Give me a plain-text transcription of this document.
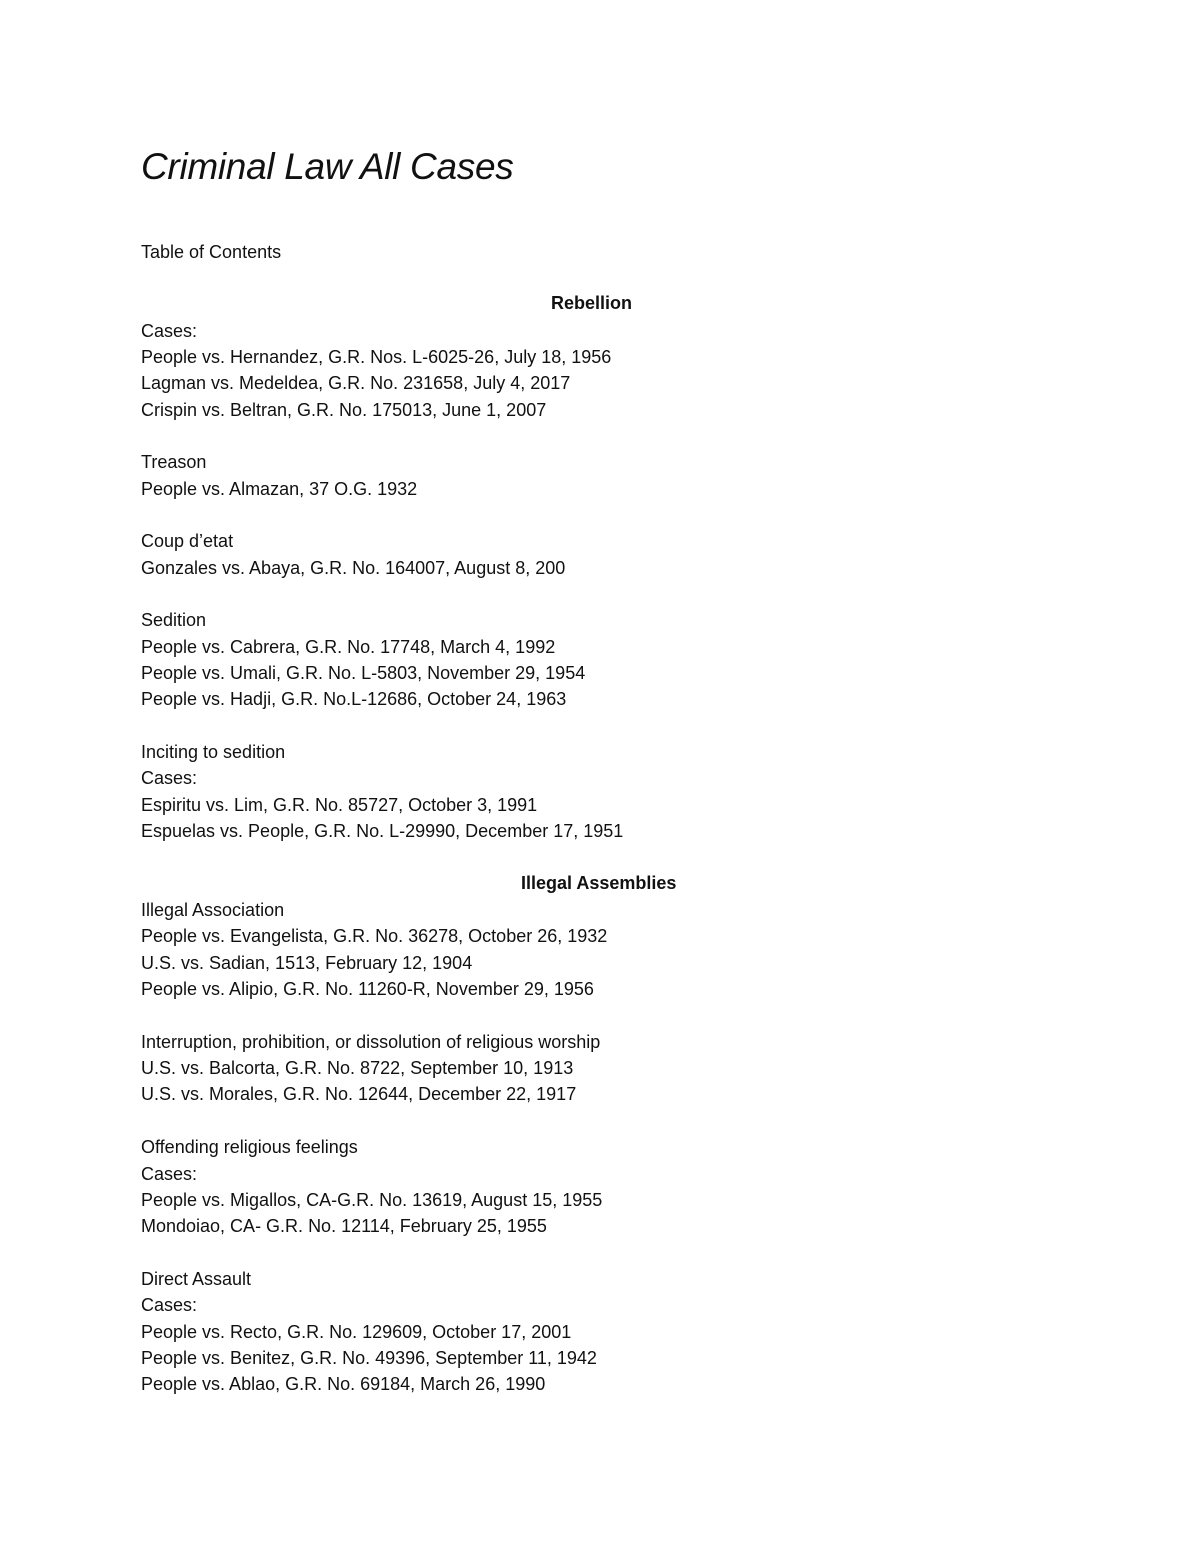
Criminal Law All Cases
Table of Contents
Rebellion
Cases:
People vs. Hernandez, G.R. Nos. L-6025-26, July 18, 1956
Lagman vs. Medeldea, G.R. No. 231658, July 4, 2017
Crispin vs. Beltran, G.R. No. 175013, June 1, 2007
Treason
People vs. Almazan, 37 O.G. 1932
Coup d’etat
Gonzales vs. Abaya, G.R. No. 164007, August 8, 200
Sedition
People vs. Cabrera, G.R. No. 17748, March 4, 1992
People vs. Umali, G.R. No. L-5803, November 29, 1954
People vs. Hadji, G.R. No.L-12686, October 24, 1963
Inciting to sedition
Cases:
Espiritu vs. Lim, G.R. No. 85727, October 3, 1991
Espuelas vs. People, G.R. No. L-29990, December 17, 1951
Illegal Assemblies
Illegal Association
People vs. Evangelista, G.R. No. 36278, October 26, 1932
U.S. vs. Sadian, 1513, February 12, 1904
People vs. Alipio, G.R. No. 11260-R, November 29, 1956
Interruption, prohibition, or dissolution of religious worship
U.S. vs. Balcorta, G.R. No. 8722, September 10, 1913
U.S. vs. Morales, G.R. No. 12644, December 22, 1917
Offending religious feelings
Cases:
People vs. Migallos, CA-G.R. No. 13619, August 15, 1955
Mondoiao, CA- G.R. No. 12114, February 25, 1955
Direct Assault
Cases:
People vs. Recto, G.R. No. 129609, October 17, 2001
People vs. Benitez, G.R. No. 49396, September 11, 1942
People vs. Ablao, G.R. No. 69184, March 26, 1990
